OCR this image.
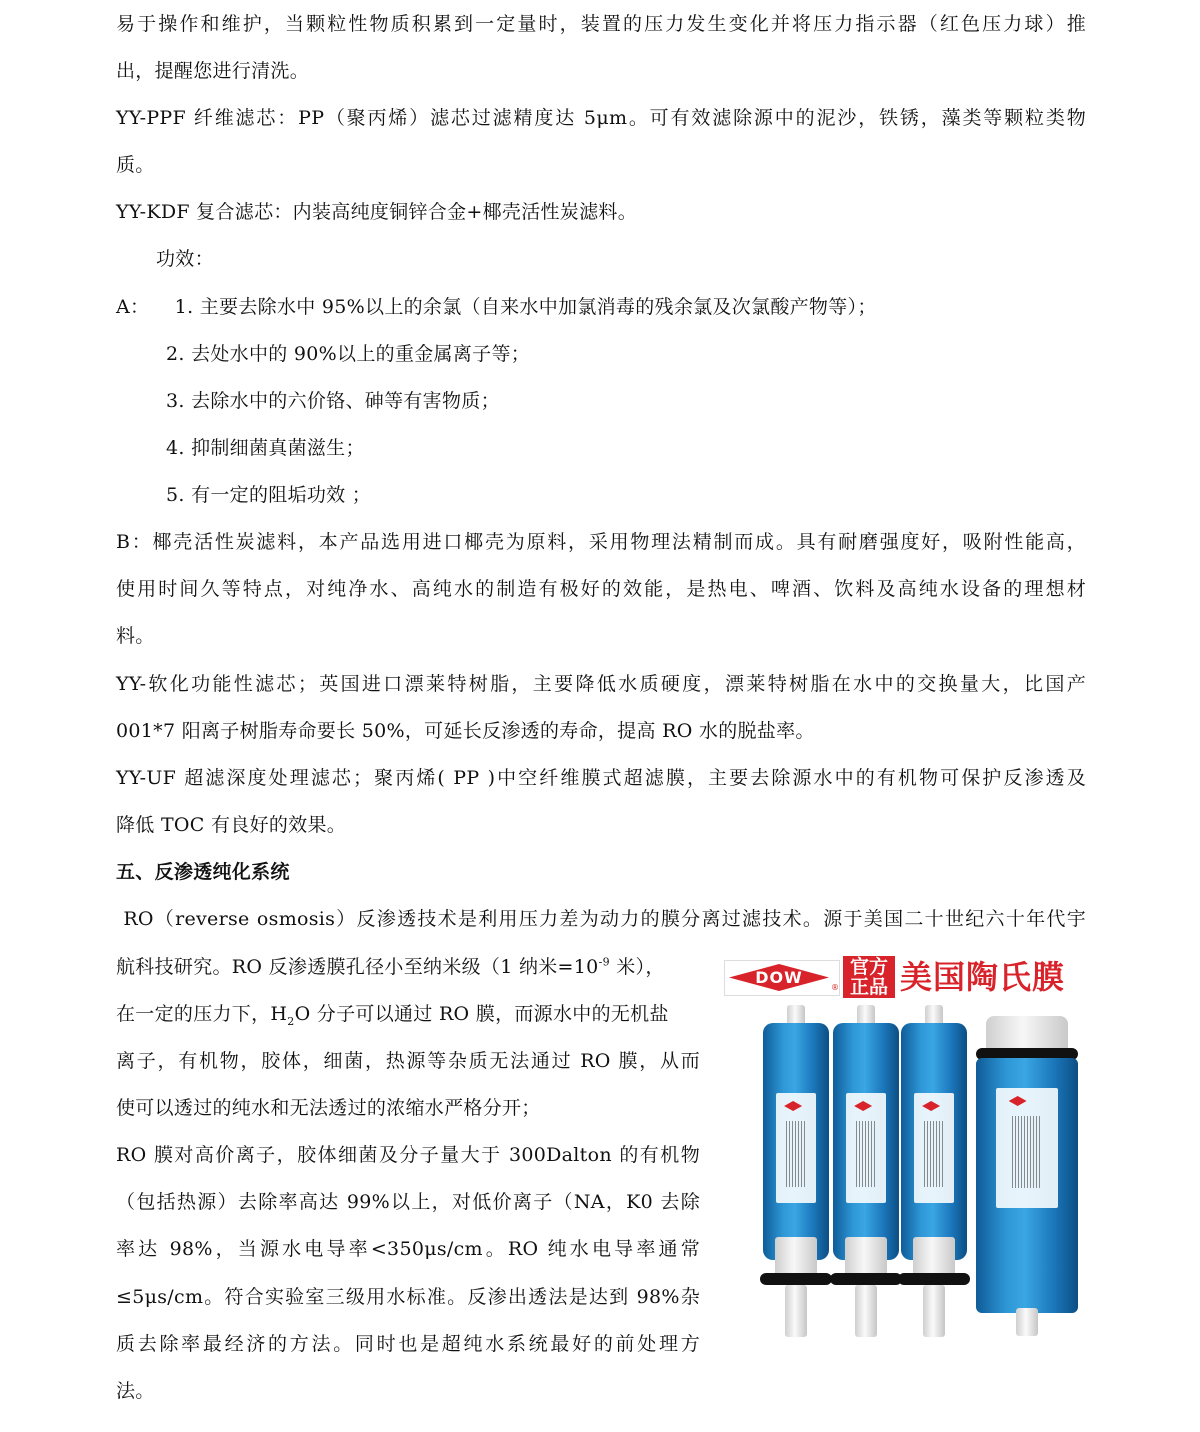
易于操作和维护，当颗粒性物质积累到一定量时，装置的压力发生变化并将压力指示器（红色压力球）推
出，提醒您进行清洗。
YY-PPF 纤维滤芯：PP（聚丙烯）滤芯过滤精度达 5μm。可有效滤除源中的泥沙，铁锈，藻类等颗粒类物
质。
YY-KDF 复合滤芯：内装高纯度铜锌合金+椰壳活性炭滤料。
功效：
A：    1. 主要去除水中 95%以上的余氯（自来水中加氯消毒的残余氯及次氯酸产物等）；
2. 去处水中的 90%以上的重金属离子等；
3. 去除水中的六价铬、砷等有害物质；
4. 抑制细菌真菌滋生；
5. 有一定的阻垢功效 ；
B：椰壳活性炭滤料，本产品选用进口椰壳为原料，采用物理法精制而成。具有耐磨强度好，吸附性能高，
使用时间久等特点，对纯净水、高纯水的制造有极好的效能，是热电、啤酒、饮料及高纯水设备的理想材
料。
YY-软化功能性滤芯；英国进口漂莱特树脂，主要降低水质硬度，漂莱特树脂在水中的交换量大，比国产
001*7 阳离子树脂寿命要长 50%，可延长反渗透的寿命，提高 RO 水的脱盐率。
YY-UF 超滤深度处理滤芯；聚丙烯( PP )中空纤维膜式超滤膜，主要去除源水中的有机物可保护反渗透及
降低 TOC 有良好的效果。
五、反渗透纯化系统
RO（reverse osmosis）反渗透技术是利用压力差为动力的膜分离过滤技术。源于美国二十世纪六十年代宇
航科技研究。RO 反渗透膜孔径小至纳米级（1 纳米$=10^{-9}$ 米），
在一定的压力下，$H_2O$ 分子可以通过 RO 膜，而源水中的无机盐
离子，有机物，胶体，细菌，热源等杂质无法通过 RO 膜，从而
使可以透过的纯水和无法透过的浓缩水严格分开；
RO 膜对高价离子，胶体细菌及分子量大于 300Dalton 的有机物
（包括热源）去除率高达 99%以上，对低价离子（NA，K0 去除
率达 98%，当源水电导率<350μs/cm。RO 纯水电导率通常
≤5μs/cm。符合实验室三级用水标准。反渗出透法是达到 98%杂
质去除率最经济的方法。同时也是超纯水系统最好的前处理方
法。
DOW
®
官方正品 美国陶氏膜
